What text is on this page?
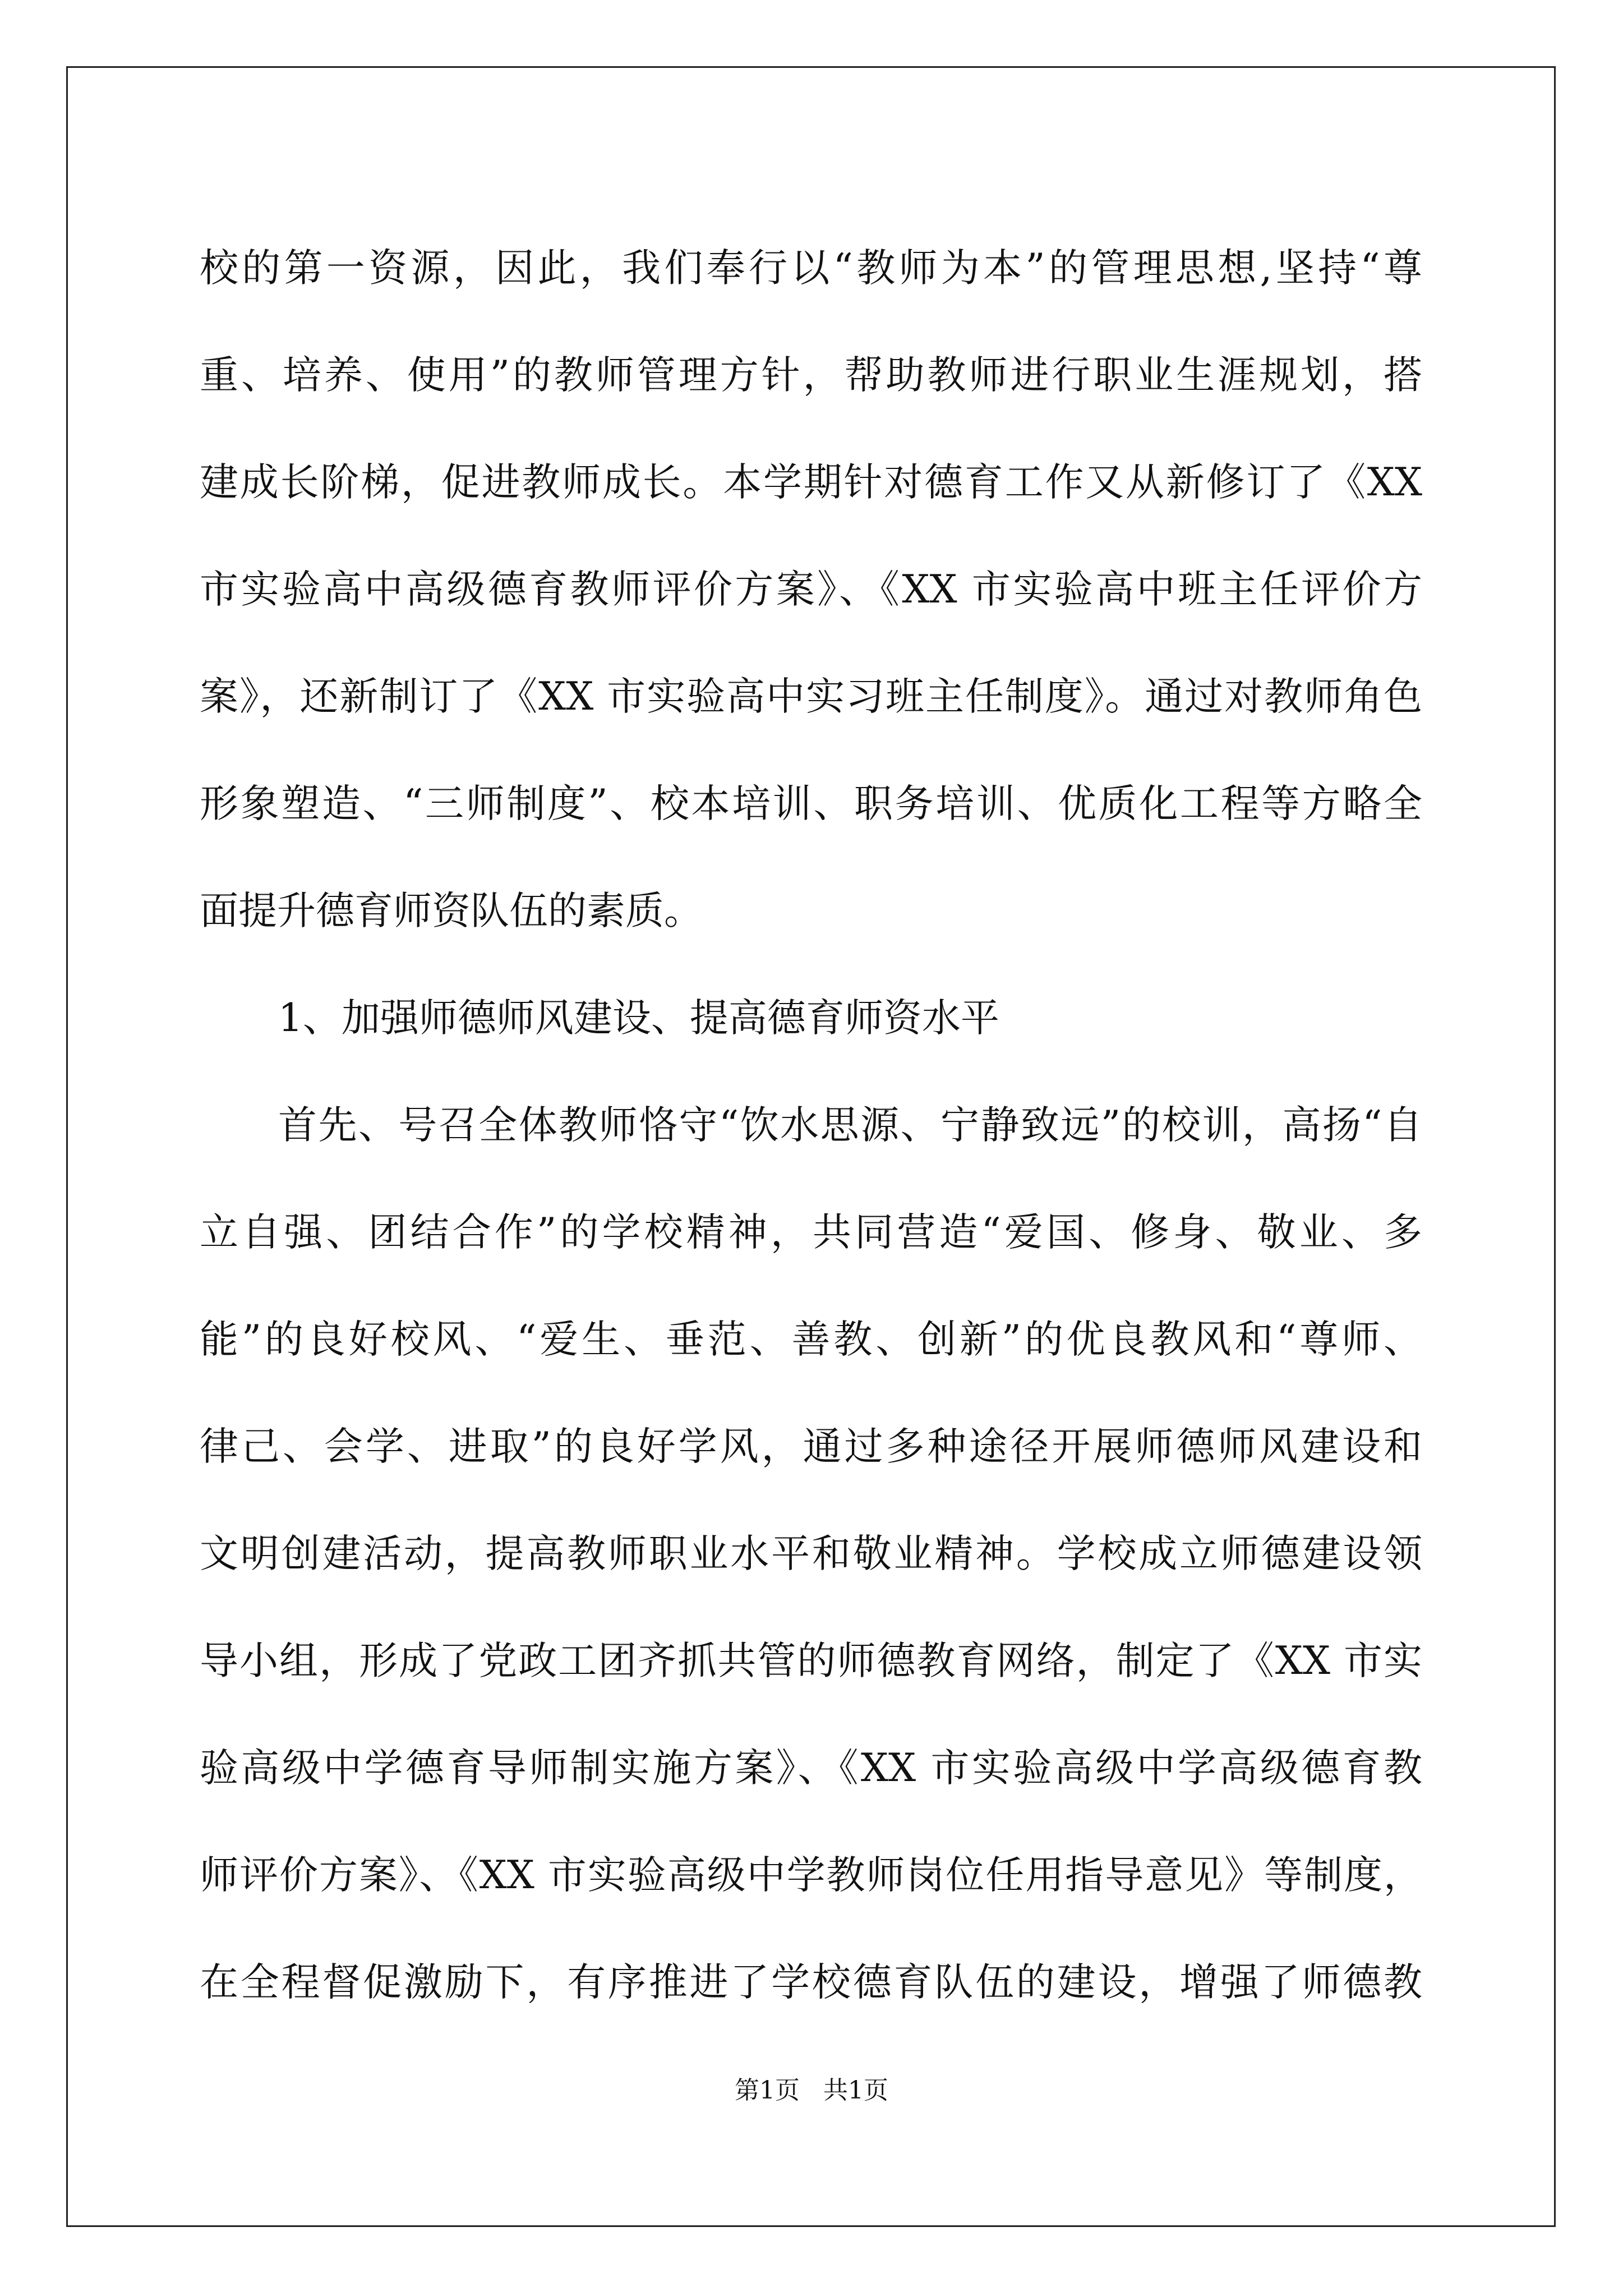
校的第一资源，因此，我们奉行以“教师为本”的管理思想,坚持“尊
重、培养、使用”的教师管理方针，帮助教师进行职业生涯规划，搭
建成长阶梯，促进教师成长。本学期针对德育工作又从新修订了《XX
市实验高中高级德育教师评价方案》、《XX 市实验高中班主任评价方
案》，还新制订了《XX 市实验高中实习班主任制度》。通过对教师角色
形象塑造、“三师制度”、校本培训、职务培训、优质化工程等方略全
面提升德育师资队伍的素质。
1、加强师德师风建设、提高德育师资水平
首先、号召全体教师恪守“饮水思源、宁静致远”的校训，高扬“自
立自强、团结合作”的学校精神，共同营造“爱国、修身、敬业、多
能”的良好校风、“爱生、垂范、善教、创新”的优良教风和“尊师、
律己、会学、进取”的良好学风，通过多种途径开展师德师风建设和
文明创建活动，提高教师职业水平和敬业精神。学校成立师德建设领
导小组，形成了党政工团齐抓共管的师德教育网络，制定了《XX 市实
验高级中学德育导师制实施方案》、《XX 市实验高级中学高级德育教
师评价方案》、《XX 市实验高级中学教师岗位任用指导意见》等制度，
在全程督促激励下，有序推进了学校德育队伍的建设，增强了师德教
第1页   共1页
